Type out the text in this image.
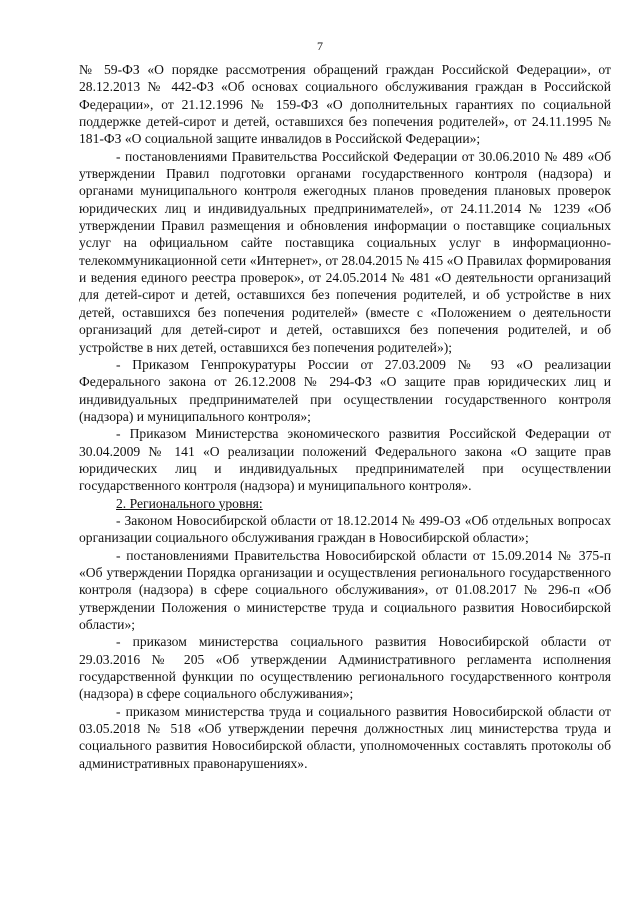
7

№ 59-ФЗ «О порядке рассмотрения обращений граждан Российской Федерации», от 28.12.2013 № 442-ФЗ «Об основах социального обслуживания граждан в Российской Федерации», от 21.12.1996 № 159-ФЗ «О дополнительных гарантиях по социальной поддержке детей-сирот и детей, оставшихся без попечения родителей», от 24.11.1995 № 181-ФЗ «О социальной защите инвалидов в Российской Федерации»;

- постановлениями Правительства Российской Федерации от 30.06.2010 № 489 «Об утверждении Правил подготовки органами государственного контроля (надзора) и органами муниципального контроля ежегодных планов проведения плановых проверок юридических лиц и индивидуальных предпринимателей», от 24.11.2014 № 1239 «Об утверждении Правил размещения и обновления информации о поставщике социальных услуг на официальном сайте поставщика социальных услуг в информационно-телекоммуникационной сети «Интернет», от 28.04.2015 № 415 «О Правилах формирования и ведения единого реестра проверок», от 24.05.2014 № 481 «О деятельности организаций для детей-сирот и детей, оставшихся без попечения родителей, и об устройстве в них детей, оставшихся без попечения родителей» (вместе с «Положением о деятельности организаций для детей-сирот и детей, оставшихся без попечения родителей, и об устройстве в них детей, оставшихся без попечения родителей»);

- Приказом Генпрокуратуры России от 27.03.2009 № 93 «О реализации Федерального закона от 26.12.2008 № 294-ФЗ «О защите прав юридических лиц и индивидуальных предпринимателей при осуществлении государственного контроля (надзора) и муниципального контроля»;

- Приказом Министерства экономического развития Российской Федерации от 30.04.2009 № 141 «О реализации положений Федерального закона «О защите прав юридических лиц и индивидуальных предпринимателей при осуществлении государственного контроля (надзора) и муниципального контроля».

2. Регионального уровня:

- Законом Новосибирской области от 18.12.2014 № 499-ОЗ «Об отдельных вопросах организации социального обслуживания граждан в Новосибирской области»;

- постановлениями Правительства Новосибирской области от 15.09.2014 № 375-п «Об утверждении Порядка организации и осуществления регионального государственного контроля (надзора) в сфере социального обслуживания», от 01.08.2017 № 296-п «Об утверждении Положения о министерстве труда и социального развития Новосибирской области»;

- приказом министерства социального развития Новосибирской области от 29.03.2016 № 205 «Об утверждении Административного регламента исполнения государственной функции по осуществлению регионального государственного контроля (надзора) в сфере социального обслуживания»;

- приказом министерства труда и социального развития Новосибирской области от 03.05.2018 № 518 «Об утверждении перечня должностных лиц министерства труда и социального развития Новосибирской области, уполномоченных составлять протоколы об административных правонарушениях».
